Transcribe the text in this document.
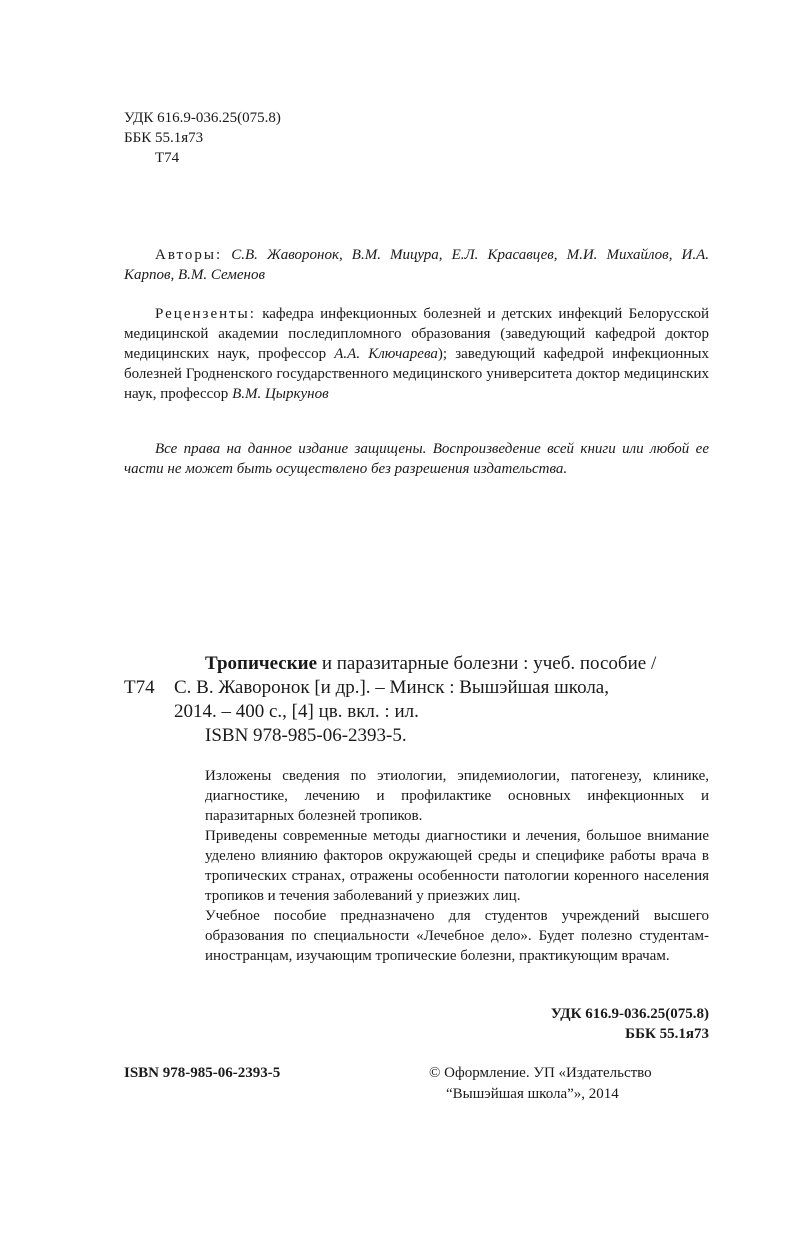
УДК 616.9-036.25(075.8)
ББК 55.1я73
Т74
Авторы: С.В. Жаворонок, В.М. Мицура, Е.Л. Красавцев, М.И. Михайлов, И.А. Карпов, В.М. Семенов
Рецензенты: кафедра инфекционных болезней и детских инфекций Белорусской медицинской академии последипломного образования (заведующий кафедрой доктор медицинских наук, профессор А.А. Ключарева); заведующий кафедрой инфекционных болезней Гродненского государственного медицинского университета доктор медицинских наук, профессор В.М. Цыркунов
Все права на данное издание защищены. Воспроизведение всей книги или любой ее части не может быть осуществлено без разрешения издательства.
Тропические и паразитарные болезни : учеб. пособие /
Т74 С. В. Жаворонок [и др.]. – Минск : Вышэйшая школа,
2014. – 400 с., [4] цв. вкл. : ил.
ISBN 978-985-06-2393-5.

Изложены сведения по этиологии, эпидемиологии, патогенезу, клинике, диагностике, лечению и профилактике основных инфекционных и паразитарных болезней тропиков.

Приведены современные методы диагностики и лечения, большое внимание уделено влиянию факторов окружающей среды и специфике работы врача в тропических странах, отражены особенности патологии коренного населения тропиков и течения заболеваний у приезжих лиц.

Учебное пособие предназначено для студентов учреждений высшего образования по специальности «Лечебное дело». Будет полезно студентам-иностранцам, изучающим тропические болезни, практикующим врачам.

УДК 616.9-036.25(075.8)
ББК 55.1я73
ISBN 978-985-06-2393-5	© Оформление. УП «Издательство
“Вышэйшая школа”», 2014
